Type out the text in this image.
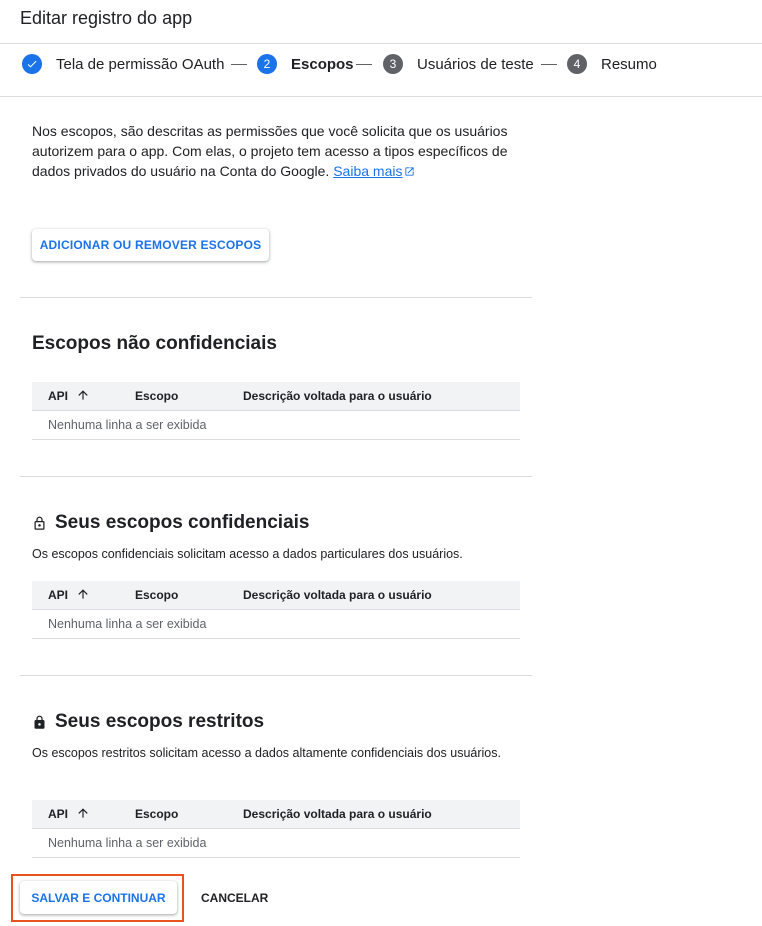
Editar registro do app
Tela de permissão OAuth	2	Escopos	3	Usuários de teste	4	Resumo
Nos escopos, são descritas as permissões que você solicita que os usuários autorizem para o app. Com elas, o projeto tem acesso a tipos específicos de dados privados do usuário na Conta do Google. Saiba mais
ADICIONAR OU REMOVER ESCOPOS
Escopos não confidenciais
API	Escopo	Descrição voltada para o usuário
Nenhuma linha a ser exibida
Seus escopos confidenciais
Os escopos confidenciais solicitam acesso a dados particulares dos usuários.
API	Escopo	Descrição voltada para o usuário
Nenhuma linha a ser exibida
Seus escopos restritos
Os escopos restritos solicitam acesso a dados altamente confidenciais dos usuários.
API	Escopo	Descrição voltada para o usuário
Nenhuma linha a ser exibida
SALVAR E CONTINUAR	CANCELAR
